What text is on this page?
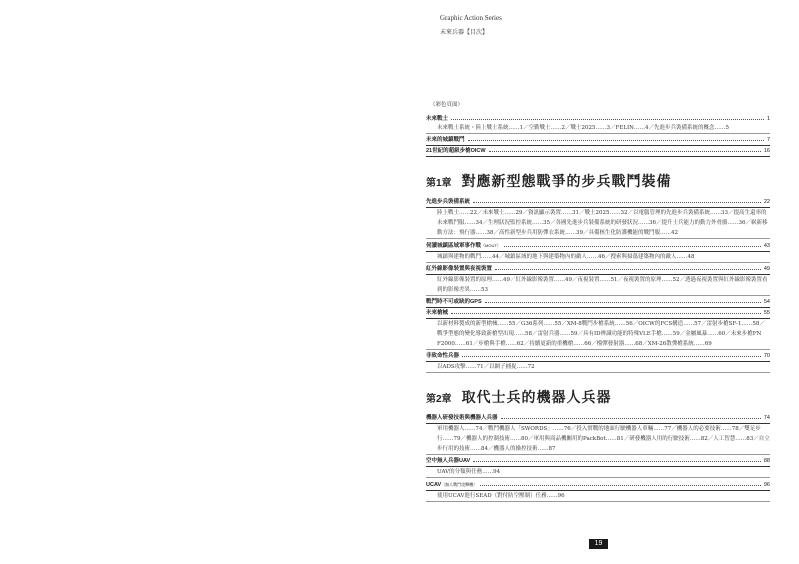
Graphic Action Series
未來兵器【目次】
（彩色頁面）
未來戰士	1
未來戰士系統・陸上戰士系統……1／空勤戰士……2／戰士2025……3／FELIN……4／先進步兵裝備系統的概念……5
未來的城鎮戰鬥	7
21世紀的超級步槍OICW	16
第1章 對應新型態戰爭的步兵戰鬥裝備
先進步兵裝備系統	22
陸上戰士……22／未來戰士……29／資訊顯示裝置……31／戰士2025……32／以電腦管理的先進步兵裝備系統……33／提高生還率的未來戰鬥服……34／生理狀況監控系統……35／各國先進步兵裝備系統的研發狀況……36／提升士兵能力的動力外骨骼……36／嶄新移動方法：飛行器……38／高性新型步兵用防彈衣系統……39／具備核生化防護機能的戰鬥服……42
伺讀城鎮區域軍事作戰（MOUT）	43
城鎮與建物的戰鬥……44／城鎮區域的地下與建築物內的敵人……46／搜索與掃蕩建築物內的敵人……48
紅外線影像裝置與夜視裝置	49
紅外線影像裝置的原理……49／紅外線影像裝置……49／夜視裝置……51／夜視裝置的原理……52／透過夜視裝置與紅外線影像裝置看到的影像差異……53
戰鬥時不可或缺的GPS	54
未來槍械	55
以新材料製成的新型槍械……55／G36系列……55／XM-8戰鬥步槍系統……56／OICW的FCS構造……57／雷射步槍SF-1……58／戰爭型態的變化導致新槍型出現……58／雷射兵器……59／具有ID辨識功能的特殊VLE手槍……59／金屬風暴……60／未來步槍FN F2000……61／步槍與手槍……62／持續更新的重機槍……66／榴彈發射器……68／XM-26散彈槍系統……69
非致命性兵器	70
以ADS攻擊……71／以網子捕捉……72
第2章 取代士兵的機器人兵器
機器人研發技術與機器人兵器	74
軍用機器人……74／戰鬥機器人「SWORDS」……76／投入實戰的地面行駛機器人車輛……77／機器人的必要技術……78／雙足步行……79／機器人的控制技術……80／軍用與商品機關用的PackBot……81／研發機器人用的行駛技術……82／人工智慧……83／自立步行用的技術……84／機器人的操控技術……87
空中無人兵器UAV	88
UAV的分類與任務……94
UCAV（無人戰鬥攻擊機）	96
使用UCAV進行SEAD（對付防空壓制）任務……96
19
